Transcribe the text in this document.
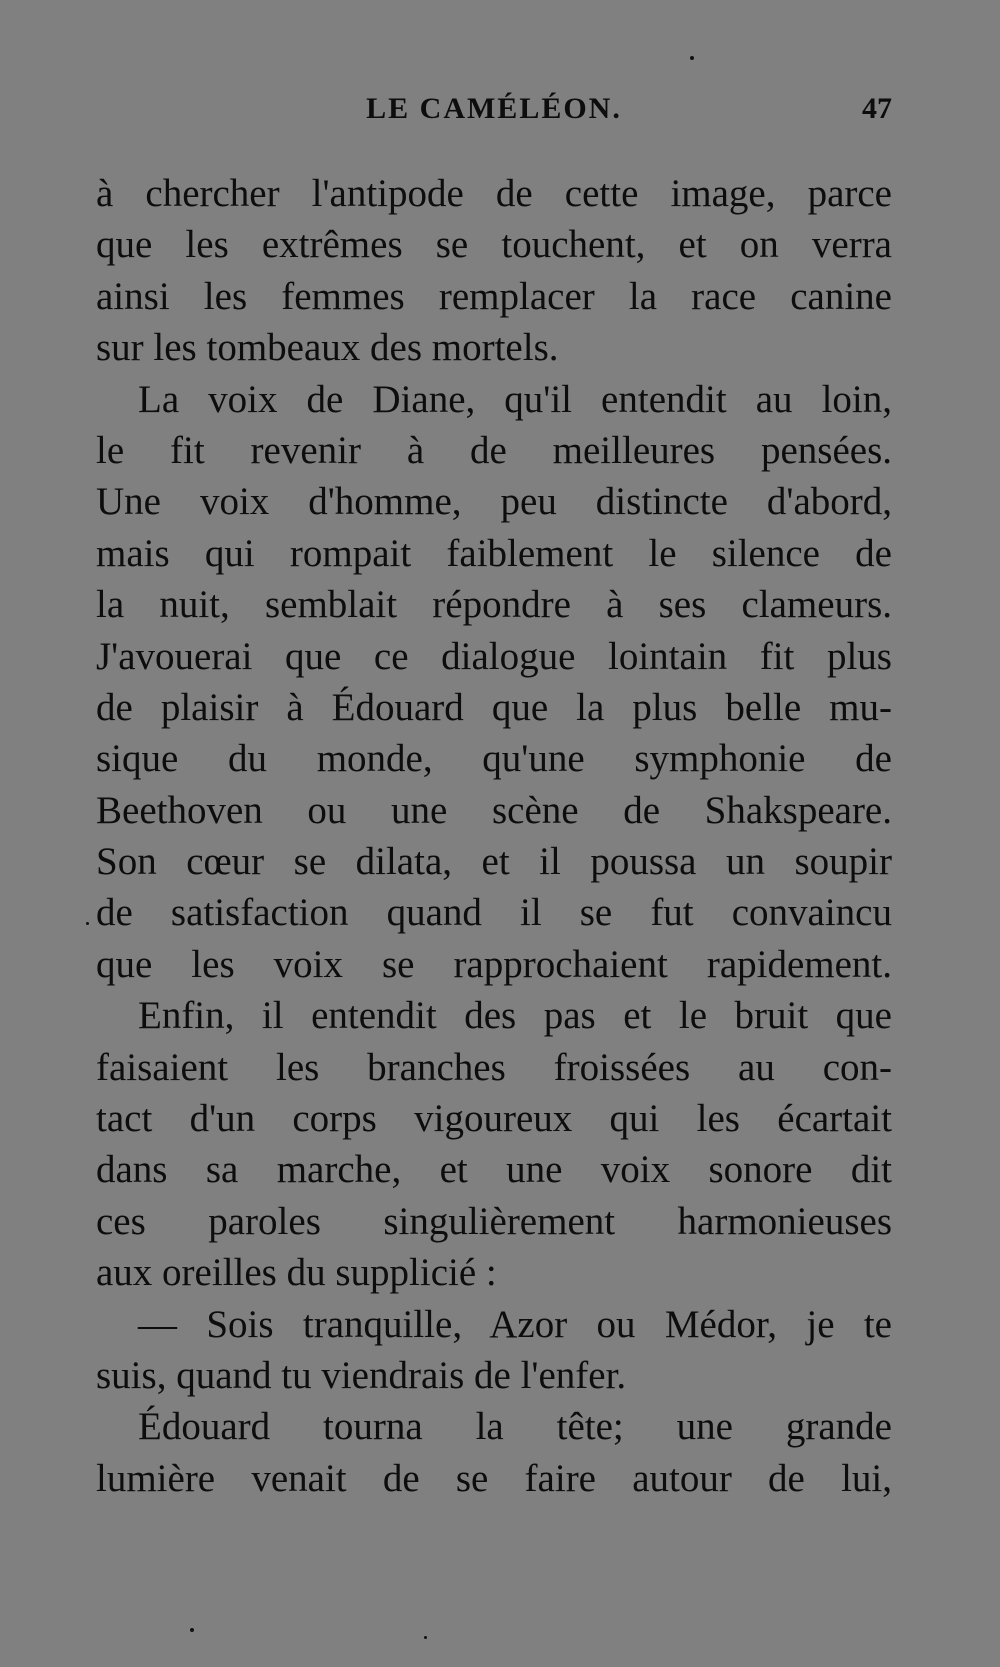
LE CAMÉLÉON.	47
à chercher l'antipode de cette image, parce
que les extrêmes se touchent, et on verra
ainsi les femmes remplacer la race canine
sur les tombeaux des mortels.
La voix de Diane, qu'il entendit au loin,
le fit revenir à de meilleures pensées.
Une voix d'homme, peu distincte d'abord,
mais qui rompait faiblement le silence de
la nuit, semblait répondre à ses clameurs.
J'avouerai que ce dialogue lointain fit plus
de plaisir à Édouard que la plus belle mu-
sique du monde, qu'une symphonie de
Beethoven ou une scène de Shakspeare.
Son cœur se dilata, et il poussa un soupir
de satisfaction quand il se fut convaincu
que les voix se rapprochaient rapidement.
Enfin, il entendit des pas et le bruit que
faisaient les branches froissées au con-
tact d'un corps vigoureux qui les écartait
dans sa marche, et une voix sonore dit
ces paroles singulièrement harmonieuses
aux oreilles du supplicié :
— Sois tranquille, Azor ou Médor, je te
suis, quand tu viendrais de l'enfer.
Édouard tourna la tête; une grande
lumière venait de se faire autour de lui,
